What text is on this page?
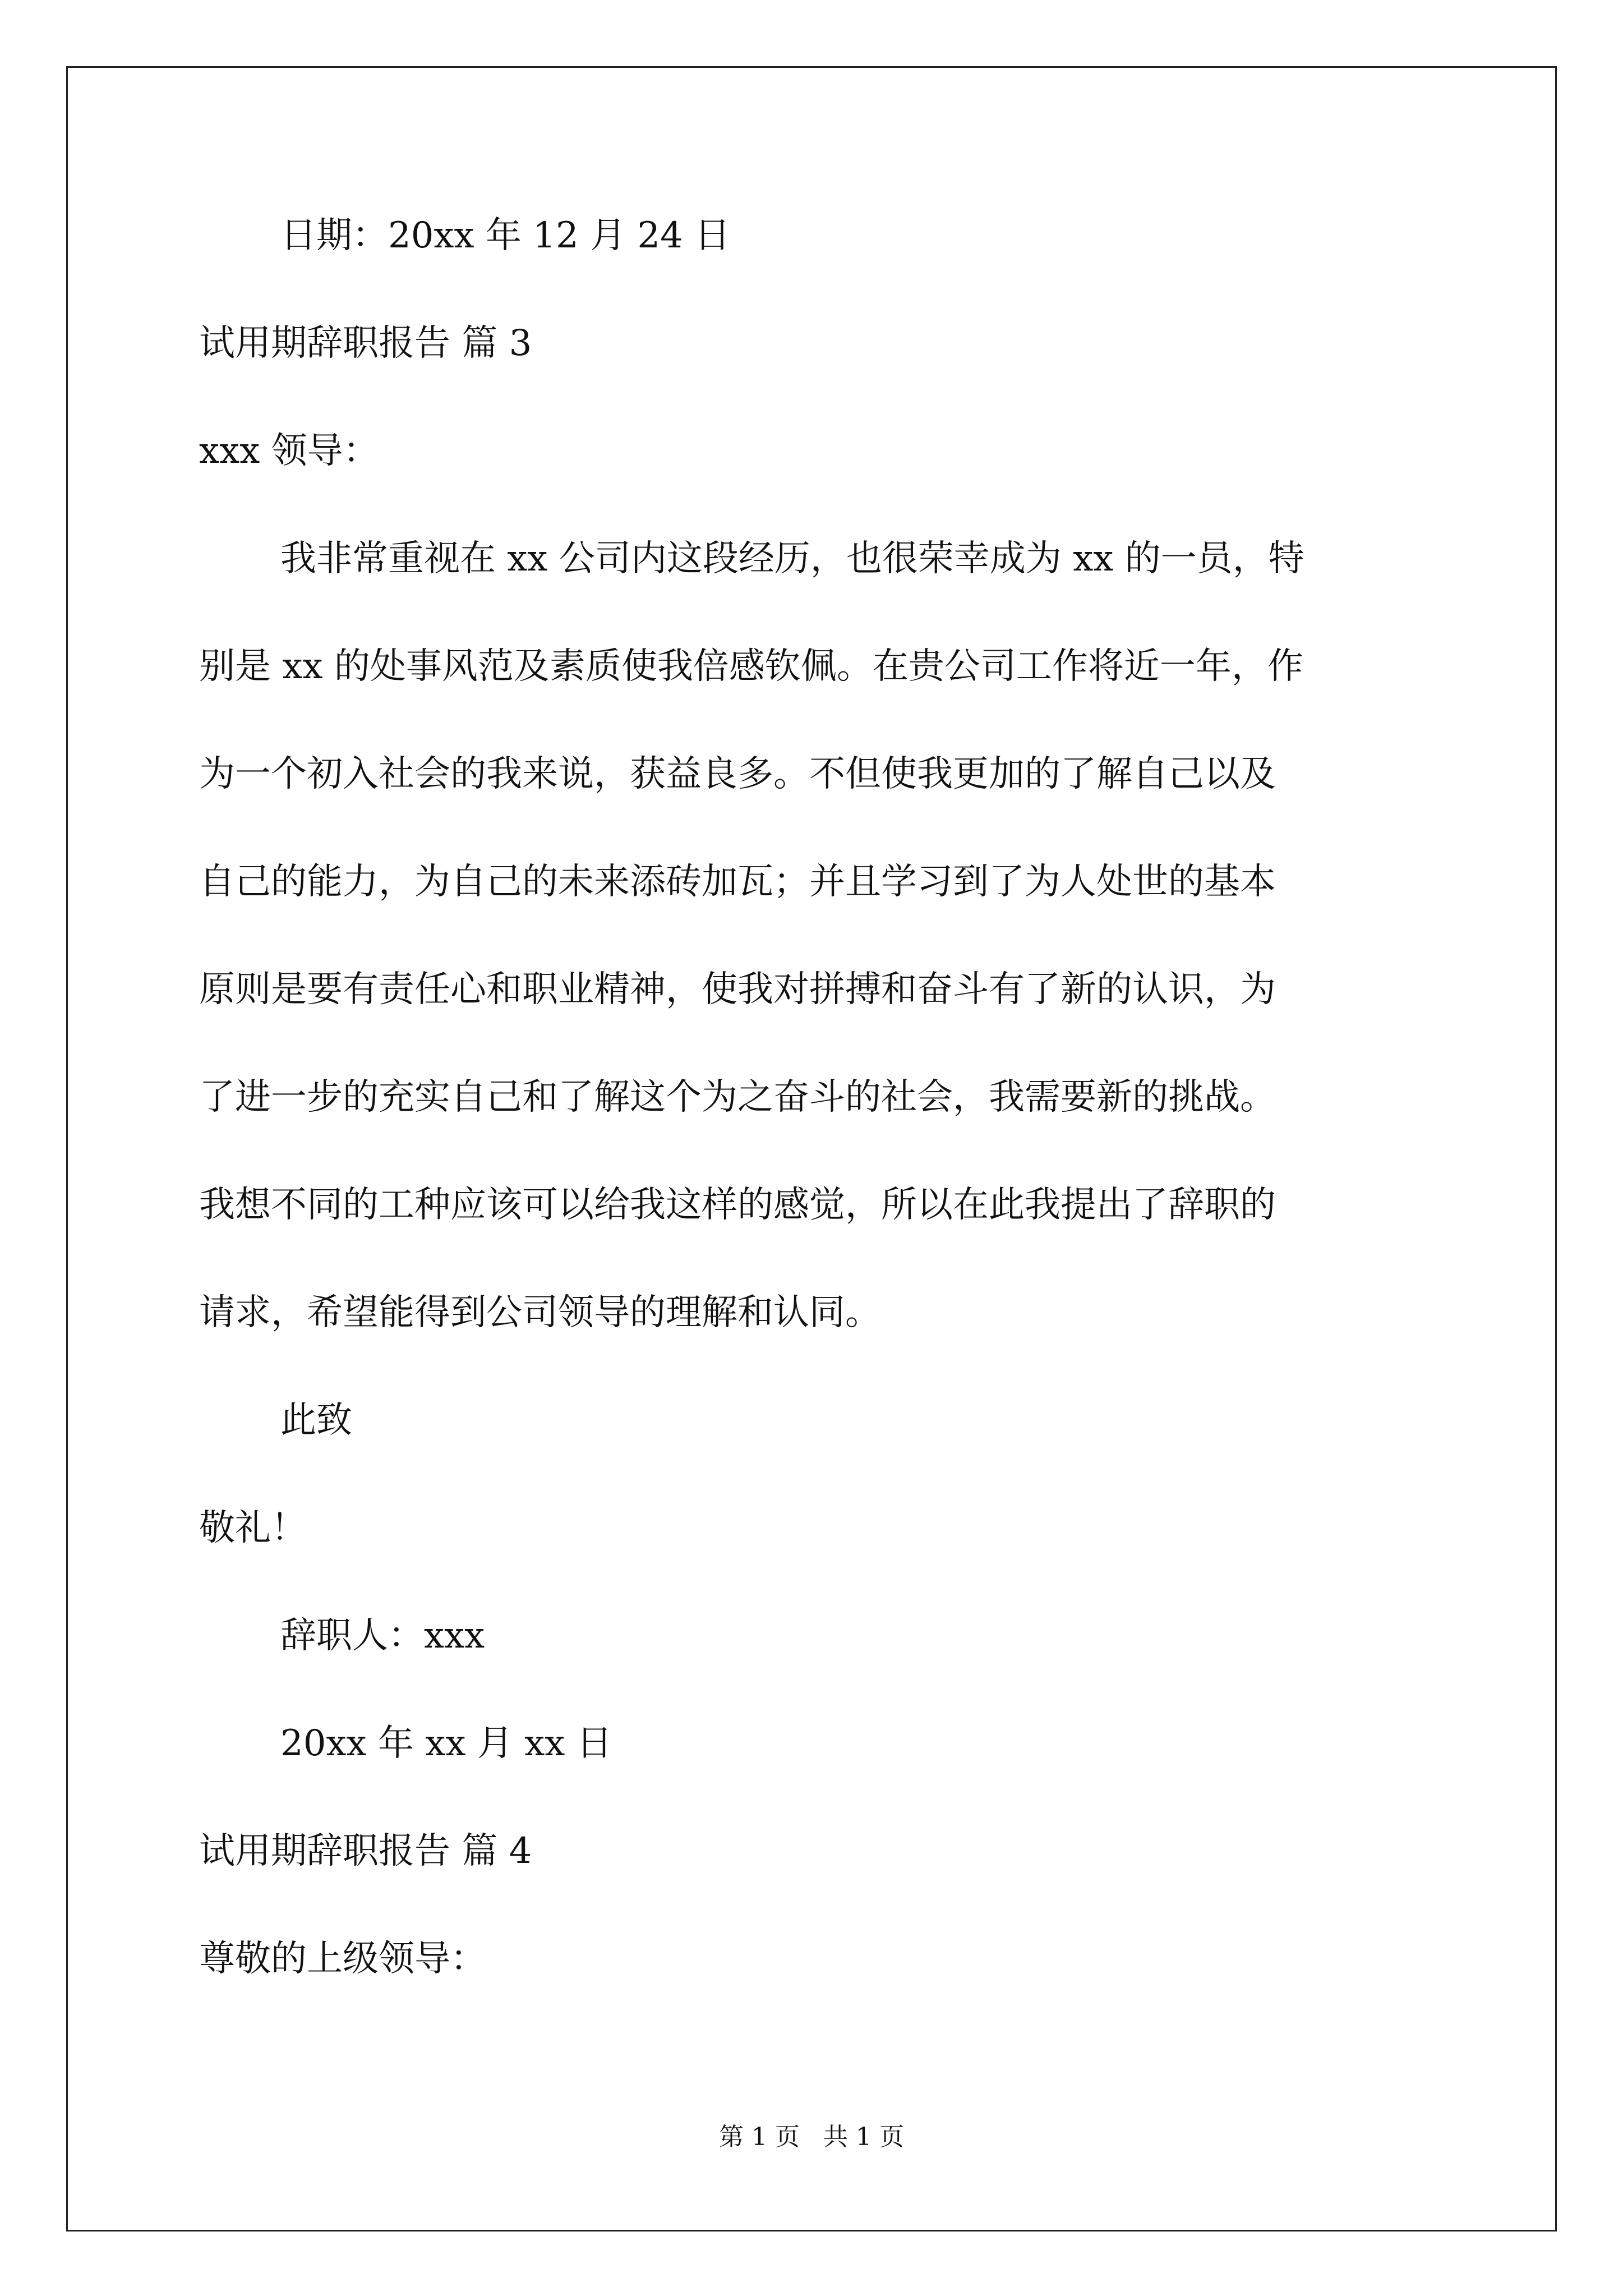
日期：20xx 年 12 月 24 日
试用期辞职报告 篇 3
xxx 领导：
我非常重视在 xx 公司内这段经历，也很荣幸成为 xx 的一员，特
别是 xx 的处事风范及素质使我倍感钦佩。在贵公司工作将近一年，作
为一个初入社会的我来说，获益良多。不但使我更加的了解自己以及
自己的能力，为自己的未来添砖加瓦；并且学习到了为人处世的基本
原则是要有责任心和职业精神，使我对拼搏和奋斗有了新的认识，为
了进一步的充实自己和了解这个为之奋斗的社会，我需要新的挑战。
我想不同的工种应该可以给我这样的感觉，所以在此我提出了辞职的
请求，希望能得到公司领导的理解和认同。
此致
敬礼！
辞职人：xxx
20xx 年 xx 月 xx 日
试用期辞职报告 篇 4
尊敬的上级领导：
第 1 页   共 1 页
